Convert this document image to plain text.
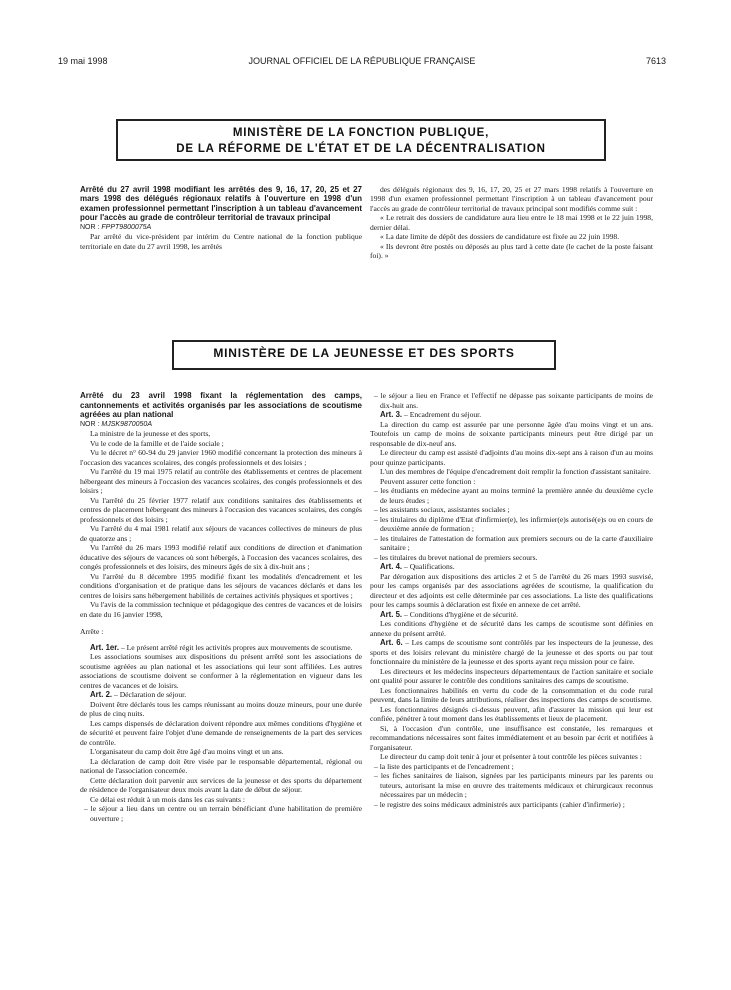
19 mai 1998	JOURNAL OFFICIEL DE LA RÉPUBLIQUE FRANÇAISE	7613
MINISTÈRE DE LA FONCTION PUBLIQUE,
DE LA RÉFORME DE L'ÉTAT ET DE LA DÉCENTRALISATION

Arrêté du 27 avril 1998 modifiant les arrêtés des 9, 16, 17, 20, 25 et 27 mars 1998 des délégués régionaux relatifs à l'ouverture en 1998 d'un examen professionnel permettant l'inscription à un tableau d'avancement pour l'accès au grade de contrôleur territorial de travaux principal

NOR : FPPT9800075A

Par arrêté du vice-président par intérim du Centre national de la fonction publique territoriale en date du 27 avril 1998, les arrêtés

des délégués régionaux des 9, 16, 17, 20, 25 et 27 mars 1998 relatifs à l'ouverture en 1998 d'un examen professionnel permettant l'inscription à un tableau d'avancement pour l'accès au grade de contrôleur territorial de travaux principal sont modifiés comme suit :

« Le retrait des dossiers de candidature aura lieu entre le 18 mai 1998 et le 22 juin 1998, dernier délai.

« La date limite de dépôt des dossiers de candidature est fixée au 22 juin 1998.

« Ils devront être postés ou déposés au plus tard à cette date (le cachet de la poste faisant foi). »

MINISTÈRE DE LA JEUNESSE ET DES SPORTS

Arrêté du 23 avril 1998 fixant la réglementation des camps, cantonnements et activités organisés par les associations de scoutisme agréées au plan national

NOR : MJSK9870050A

La ministre de la jeunesse et des sports,

Vu le code de la famille et de l'aide sociale ;

Vu le décret n° 60-94 du 29 janvier 1960 modifié concernant la protection des mineurs à l'occasion des vacances scolaires, des congés professionnels et des loisirs ;

Vu l'arrêté du 19 mai 1975 relatif au contrôle des établissements et centres de placement hébergeant des mineurs à l'occasion des vacances scolaires, des congés professionnels et des loisirs ;

Vu l'arrêté du 25 février 1977 relatif aux conditions sanitaires des établissements et centres de placement hébergeant des mineurs à l'occasion des vacances scolaires, des congés professionnels et des loisirs ;

Vu l'arrêté du 4 mai 1981 relatif aux séjours de vacances collectives de mineurs de plus de quatorze ans ;

Vu l'arrêté du 26 mars 1993 modifié relatif aux conditions de direction et d'animation éducative des séjours de vacances où sont hébergés, à l'occasion des vacances scolaires, des congés professionnels et des loisirs, des mineurs âgés de six à dix-huit ans ;

Vu l'arrêté du 8 décembre 1995 modifié fixant les modalités d'encadrement et les conditions d'organisation et de pratique dans les séjours de vacances déclarés et dans les centres de loisirs sans hébergement habilités de certaines activités physiques et sportives ;

Vu l'avis de la commission technique et pédagogique des centres de vacances et de loisirs en date du 16 janvier 1998,

Arrête :

Art. 1er. – Le présent arrêté régit les activités propres aux mouvements de scoutisme.

Les associations soumises aux dispositions du présent arrêté sont les associations de scoutisme agréées au plan national et les associations qui leur sont affiliées. Les autres associations de scoutisme doivent se conformer à la réglementation en vigueur dans les centres de vacances et de loisirs.

Art. 2. – Déclaration de séjour.

Doivent être déclarés tous les camps réunissant au moins douze mineurs, pour une durée de plus de cinq nuits.

Les camps dispensés de déclaration doivent répondre aux mêmes conditions d'hygiène et de sécurité et peuvent faire l'objet d'une demande de renseignements de la part des services de contrôle.

L'organisateur du camp doit être âgé d'au moins vingt et un ans.

La déclaration de camp doit être visée par le responsable départemental, régional ou national de l'association concernée.

Cette déclaration doit parvenir aux services de la jeunesse et des sports du département de résidence de l'organisateur deux mois avant la date de début de séjour.

Ce délai est réduit à un mois dans les cas suivants :

– le séjour a lieu dans un centre ou un terrain bénéficiant d'une habilitation de première ouverture ;

– le séjour a lieu en France et l'effectif ne dépasse pas soixante participants de moins de dix-huit ans.

Art. 3. – Encadrement du séjour.

La direction du camp est assurée par une personne âgée d'au moins vingt et un ans. Toutefois un camp de moins de soixante participants mineurs peut être dirigé par un responsable de dix-neuf ans.

Le directeur du camp est assisté d'adjoints d'au moins dix-sept ans à raison d'un au moins pour quinze participants.

L'un des membres de l'équipe d'encadrement doit remplir la fonction d'assistant sanitaire.

Peuvent assurer cette fonction :

– les étudiants en médecine ayant au moins terminé la première année du deuxième cycle de leurs études ;

– les assistants sociaux, assistantes sociales ;

– les titulaires du diplôme d'Etat d'infirmier(e), les infirmier(e)s autorisé(e)s ou en cours de deuxième année de formation ;

– les titulaires de l'attestation de formation aux premiers secours ou de la carte d'auxiliaire sanitaire ;

– les titulaires du brevet national de premiers secours.

Art. 4. – Qualifications.

Par dérogation aux dispositions des articles 2 et 5 de l'arrêté du 26 mars 1993 susvisé, pour les camps organisés par des associations agréées de scoutisme, la qualification du directeur et des adjoints est celle déterminée par ces associations. La liste des qualifications pour les camps soumis à déclaration est fixée en annexe de cet arrêté.

Art. 5. – Conditions d'hygiène et de sécurité.

Les conditions d'hygiène et de sécurité dans les camps de scoutisme sont définies en annexe du présent arrêté.

Art. 6. – Les camps de scoutisme sont contrôlés par les inspecteurs de la jeunesse, des sports et des loisirs relevant du ministère chargé de la jeunesse et des sports ou par tout fonctionnaire du ministère de la jeunesse et des sports ayant reçu mission pour ce faire.

Les directeurs et les médecins inspecteurs départementaux de l'action sanitaire et sociale ont qualité pour assurer le contrôle des conditions sanitaires des camps de scoutisme.

Les fonctionnaires habilités en vertu du code de la consommation et du code rural peuvent, dans la limite de leurs attributions, réaliser des inspections des camps de scoutisme.

Les fonctionnaires désignés ci-dessus peuvent, afin d'assurer la mission qui leur est confiée, pénétrer à tout moment dans les établissements et lieux de placement.

Si, à l'occasion d'un contrôle, une insuffisance est constatée, les remarques et recommandations nécessaires sont faites immédiatement et au besoin par écrit et notifiées à l'organisateur.

Le directeur du camp doit tenir à jour et présenter à tout contrôle les pièces suivantes :

– la liste des participants et de l'encadrement ;

– les fiches sanitaires de liaison, signées par les participants mineurs par les parents ou tuteurs, autorisant la mise en œuvre des traitements médicaux et chirurgicaux reconnus nécessaires par un médecin ;

– le registre des soins médicaux administrés aux participants (cahier d'infirmerie) ;
